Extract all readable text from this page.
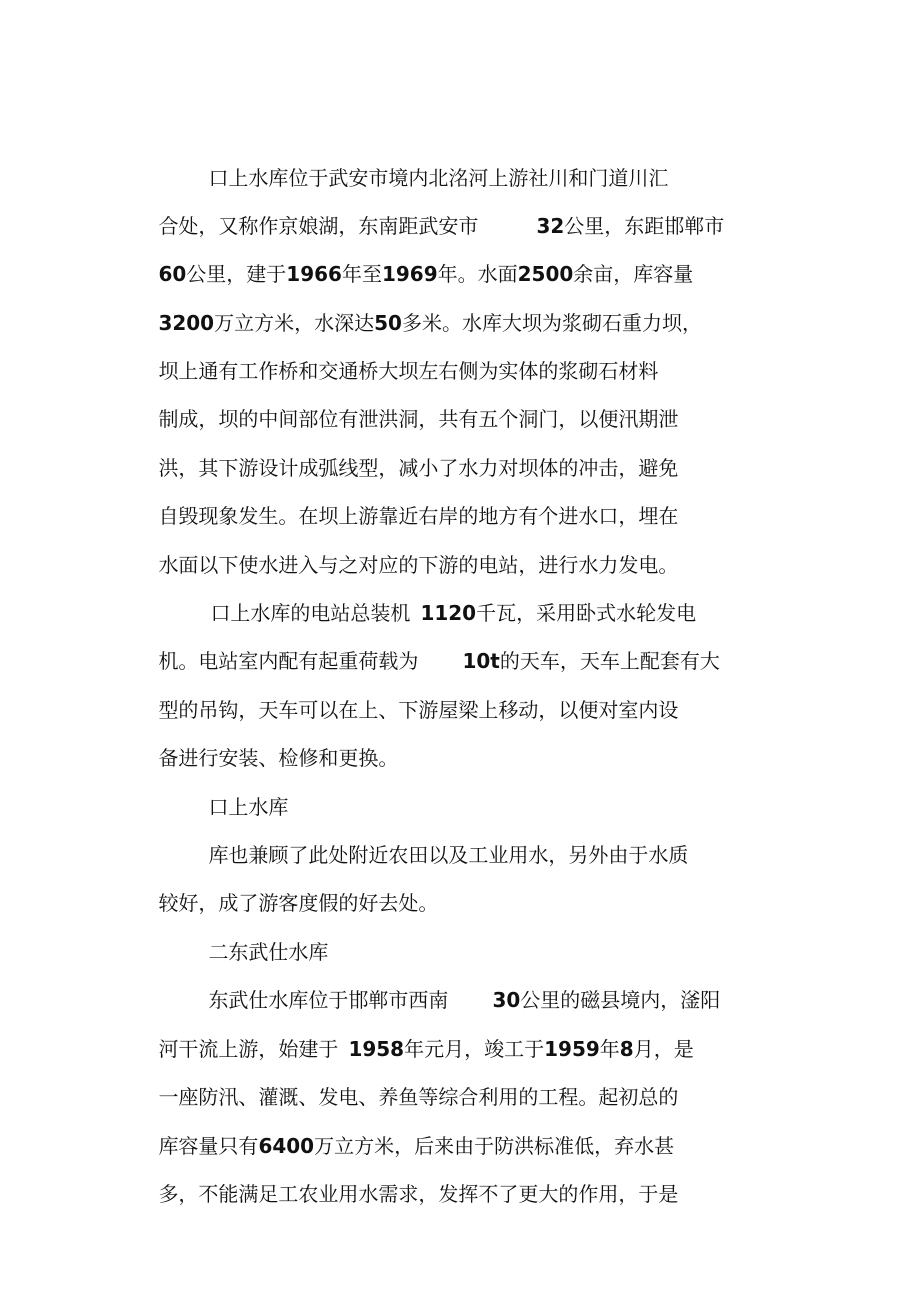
口上水库位于武安市境内北洺河上游社川和门道川汇

合处，又称作京娘湖，东南距武安市	32公里，东距邯郸市

60公里，建于1966年至1969年。水面2500余亩，库容量

3200万立方米，水深达50多米。水库大坝为浆砌石重力坝，

坝上通有工作桥和交通桥大坝左右侧为实体的浆砌石材料

制成，坝的中间部位有泄洪洞，共有五个洞门，以便汛期泄

洪，其下游设计成弧线型，减小了水力对坝体的冲击，避免

自毁现象发生。在坝上游靠近右岸的地方有个进水口，埋在

水面以下使水进入与之对应的下游的电站，进行水力发电。

口上水库的电站总装机 1120千瓦，采用卧式水轮发电

机。电站室内配有起重荷载为 10t的天车，天车上配套有大

型的吊钩，天车可以在上、下游屋梁上移动，以便对室内设

备进行安装、检修和更换。

口上水库

库也兼顾了此处附近农田以及工业用水，另外由于水质

较好，成了游客度假的好去处。

二东武仕水库

东武仕水库位于邯郸市西南 30公里的磁县境内，滏阳

河干流上游，始建于 1958年元月，竣工于1959年8月，是

一座防汛、灌溉、发电、养鱼等综合利用的工程。起初总的

库容量只有6400万立方米，后来由于防洪标准低，弃水甚

多，不能满足工农业用水需求，发挥不了更大的作用，于是
